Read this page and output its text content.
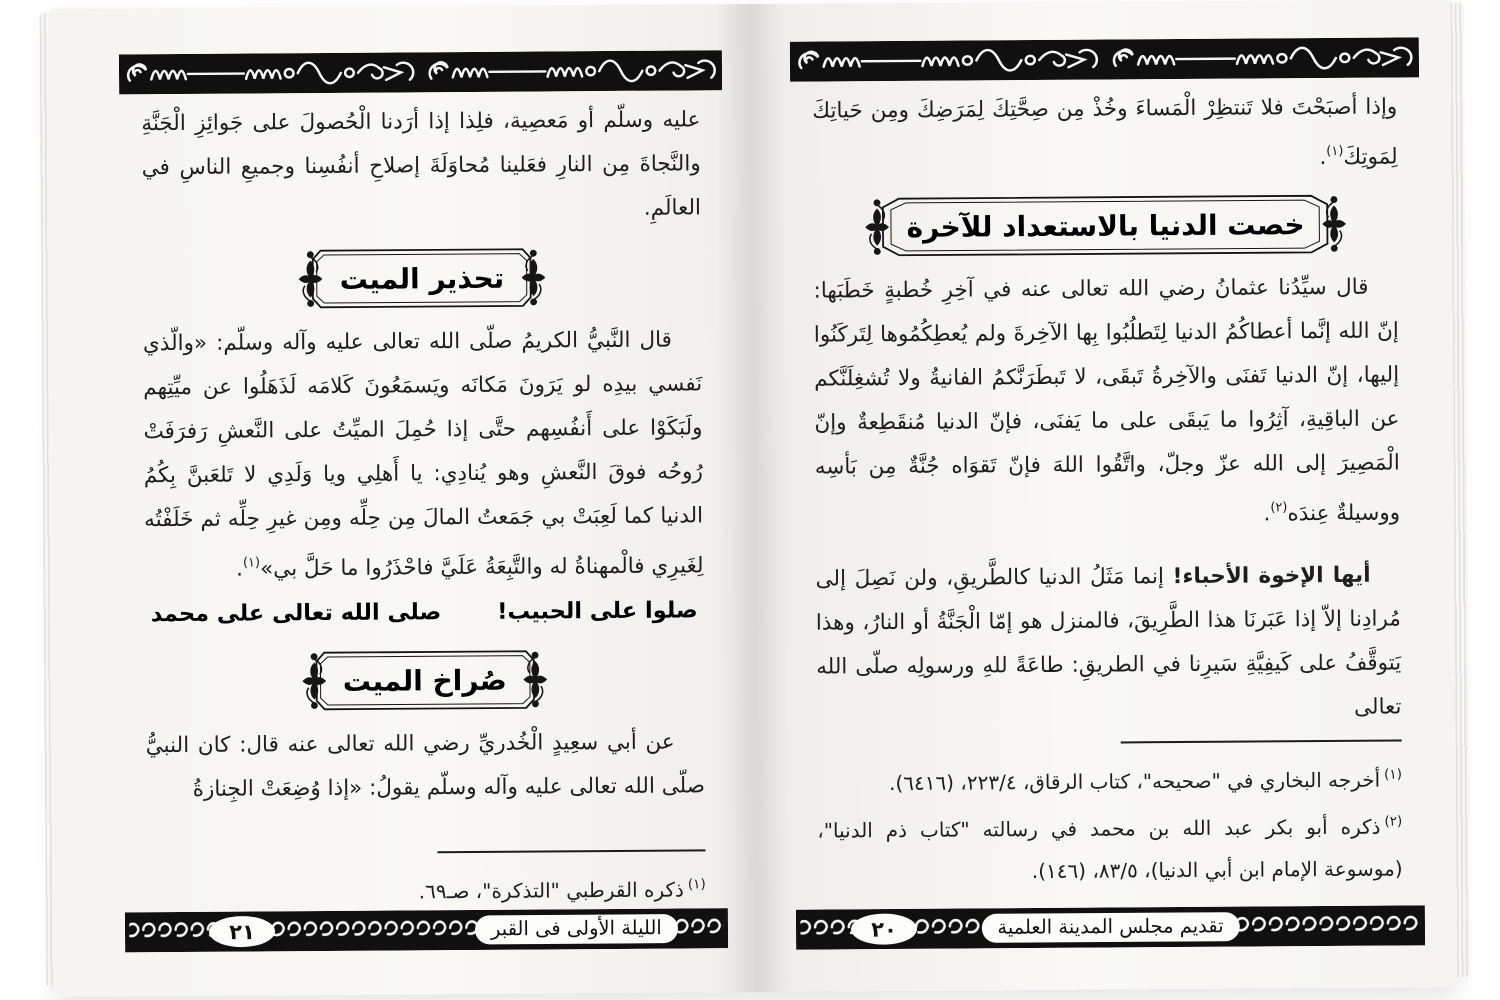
عليه وسلّم أو مَعصِية، فلِذا إذا أرَدنا الْحُصولَ على جَوائِزِ الْجَنَّةِ والنَّجاةَ مِن النارِ فعَلينا مُحاوَلَةَ إصلاحِ أنفُسِنا وجميعِ الناسِ في العالَمِ.

تحذير الميت

قال النَّبيُّ الكريمُ صلّى الله تعالى عليه وآله وسلّم: «والّذي نَفسي بيدِه لو يَرَونَ مَكانَه ويَسمَعُونَ كَلامَه لَذَهَلُوا عن ميِّتِهم ولَبَكَوْا على أَنفُسِهم حتَّى إذا حُمِلَ الميِّتُ على النَّعشِ رَفرَفَتْ رُوحُه فوقَ النَّعشِ وهو يُنادِي: يا أَهلِي ويا وَلَدِي لا تَلعَبنَّ بِكُمُ الدنيا كما لَعِبَتْ بي جَمَعتُ المالَ مِن حِلِّه ومِن غيرِ حِلِّه ثم خَلَفْتُه لِغَيرِي فالْمهناةُ له والتَّبِعَةُ عَلَيَّ فاحْذَرُوا ما حَلَّ بي»$^{(١)}$.

صلوا على الحبيب!
صلى الله تعالى على محمد

صُراخ الميت

عن أبي سعِيدٍ الْخُدريِّ رضي الله تعالى عنه قال: كان النبيُّ صلّى الله تعالى عليه وآله وسلّم يقولُ: «إذا وُضِعَتْ الجِنازةُ

$^{(١)}$ذكره القرطبي "التذكرة"، صـ٦٩.
٢١	الليلة الأولى فى القبر

وإذا أصبَحْتَ فلا تَنتظِرْ الْمَساءَ وخُذْ مِن صِحَّتِكَ لِمَرَضِكَ ومِن حَياتِكَ لِمَوتِكَ$^{(١)}$.

خصت الدنيا بالاستعداد للآخرة

قال سيِّدُنا عثمانُ رضي الله تعالى عنه في آخِرِ خُطبةٍ خَطَبَها: إنّ الله إنَّما أعطاكُمُ الدنيا لِتَطلُبُوا بِها الآخِرةَ ولم يُعطِكُمُوها لِتَركَنُوا إليها، إنّ الدنيا تَفنَى والآخِرةُ تَبقَى، لا تَبطَرَنَّكمُ الفانيةُ ولا تُشغِلَنَّكم عن الباقِيةِ، آثِرُوا ما يَبقَى على ما يَفنَى، فإنّ الدنيا مُنقَطِعةٌ وإنّ الْمَصِيرَ إلى الله عزّ وجلّ، واتَّقُوا اللهَ فإنّ تَقوَاه جُنَّةٌ مِن بَأسِه ووسيلةٌ عِندَه$^{(٢)}$.

أيها الإخوة الأحباء! إنما مَثَلُ الدنيا كالطَّريقِ، ولن نَصِلَ إلى مُرادِنا إلاّ إذا عَبَرنَا هذا الطَّرِيقَ، فالمنزل هو إمّا الْجَنَّةُ أو النارُ، وهذا يَتوقَّفُ على كَيفِيَّةِ سَيرِنا في الطريقِ: طاعَةً للهِ ورسولِه صلّى الله تعالى

$^{(١)}$أخرجه البخاري في "صحيحه"، كتاب الرقاق، ٢٢٣/٤، (٦٤١٦).
$^{(٢)}$ذكره أبو بكر عبد الله بن محمد في رسالته "كتاب ذم الدنيا"، (موسوعة الإمام ابن أبي الدنيا)، ٨٣/٥، (١٤٦).
٢٠	تقديم مجلس المدينة العلمية
